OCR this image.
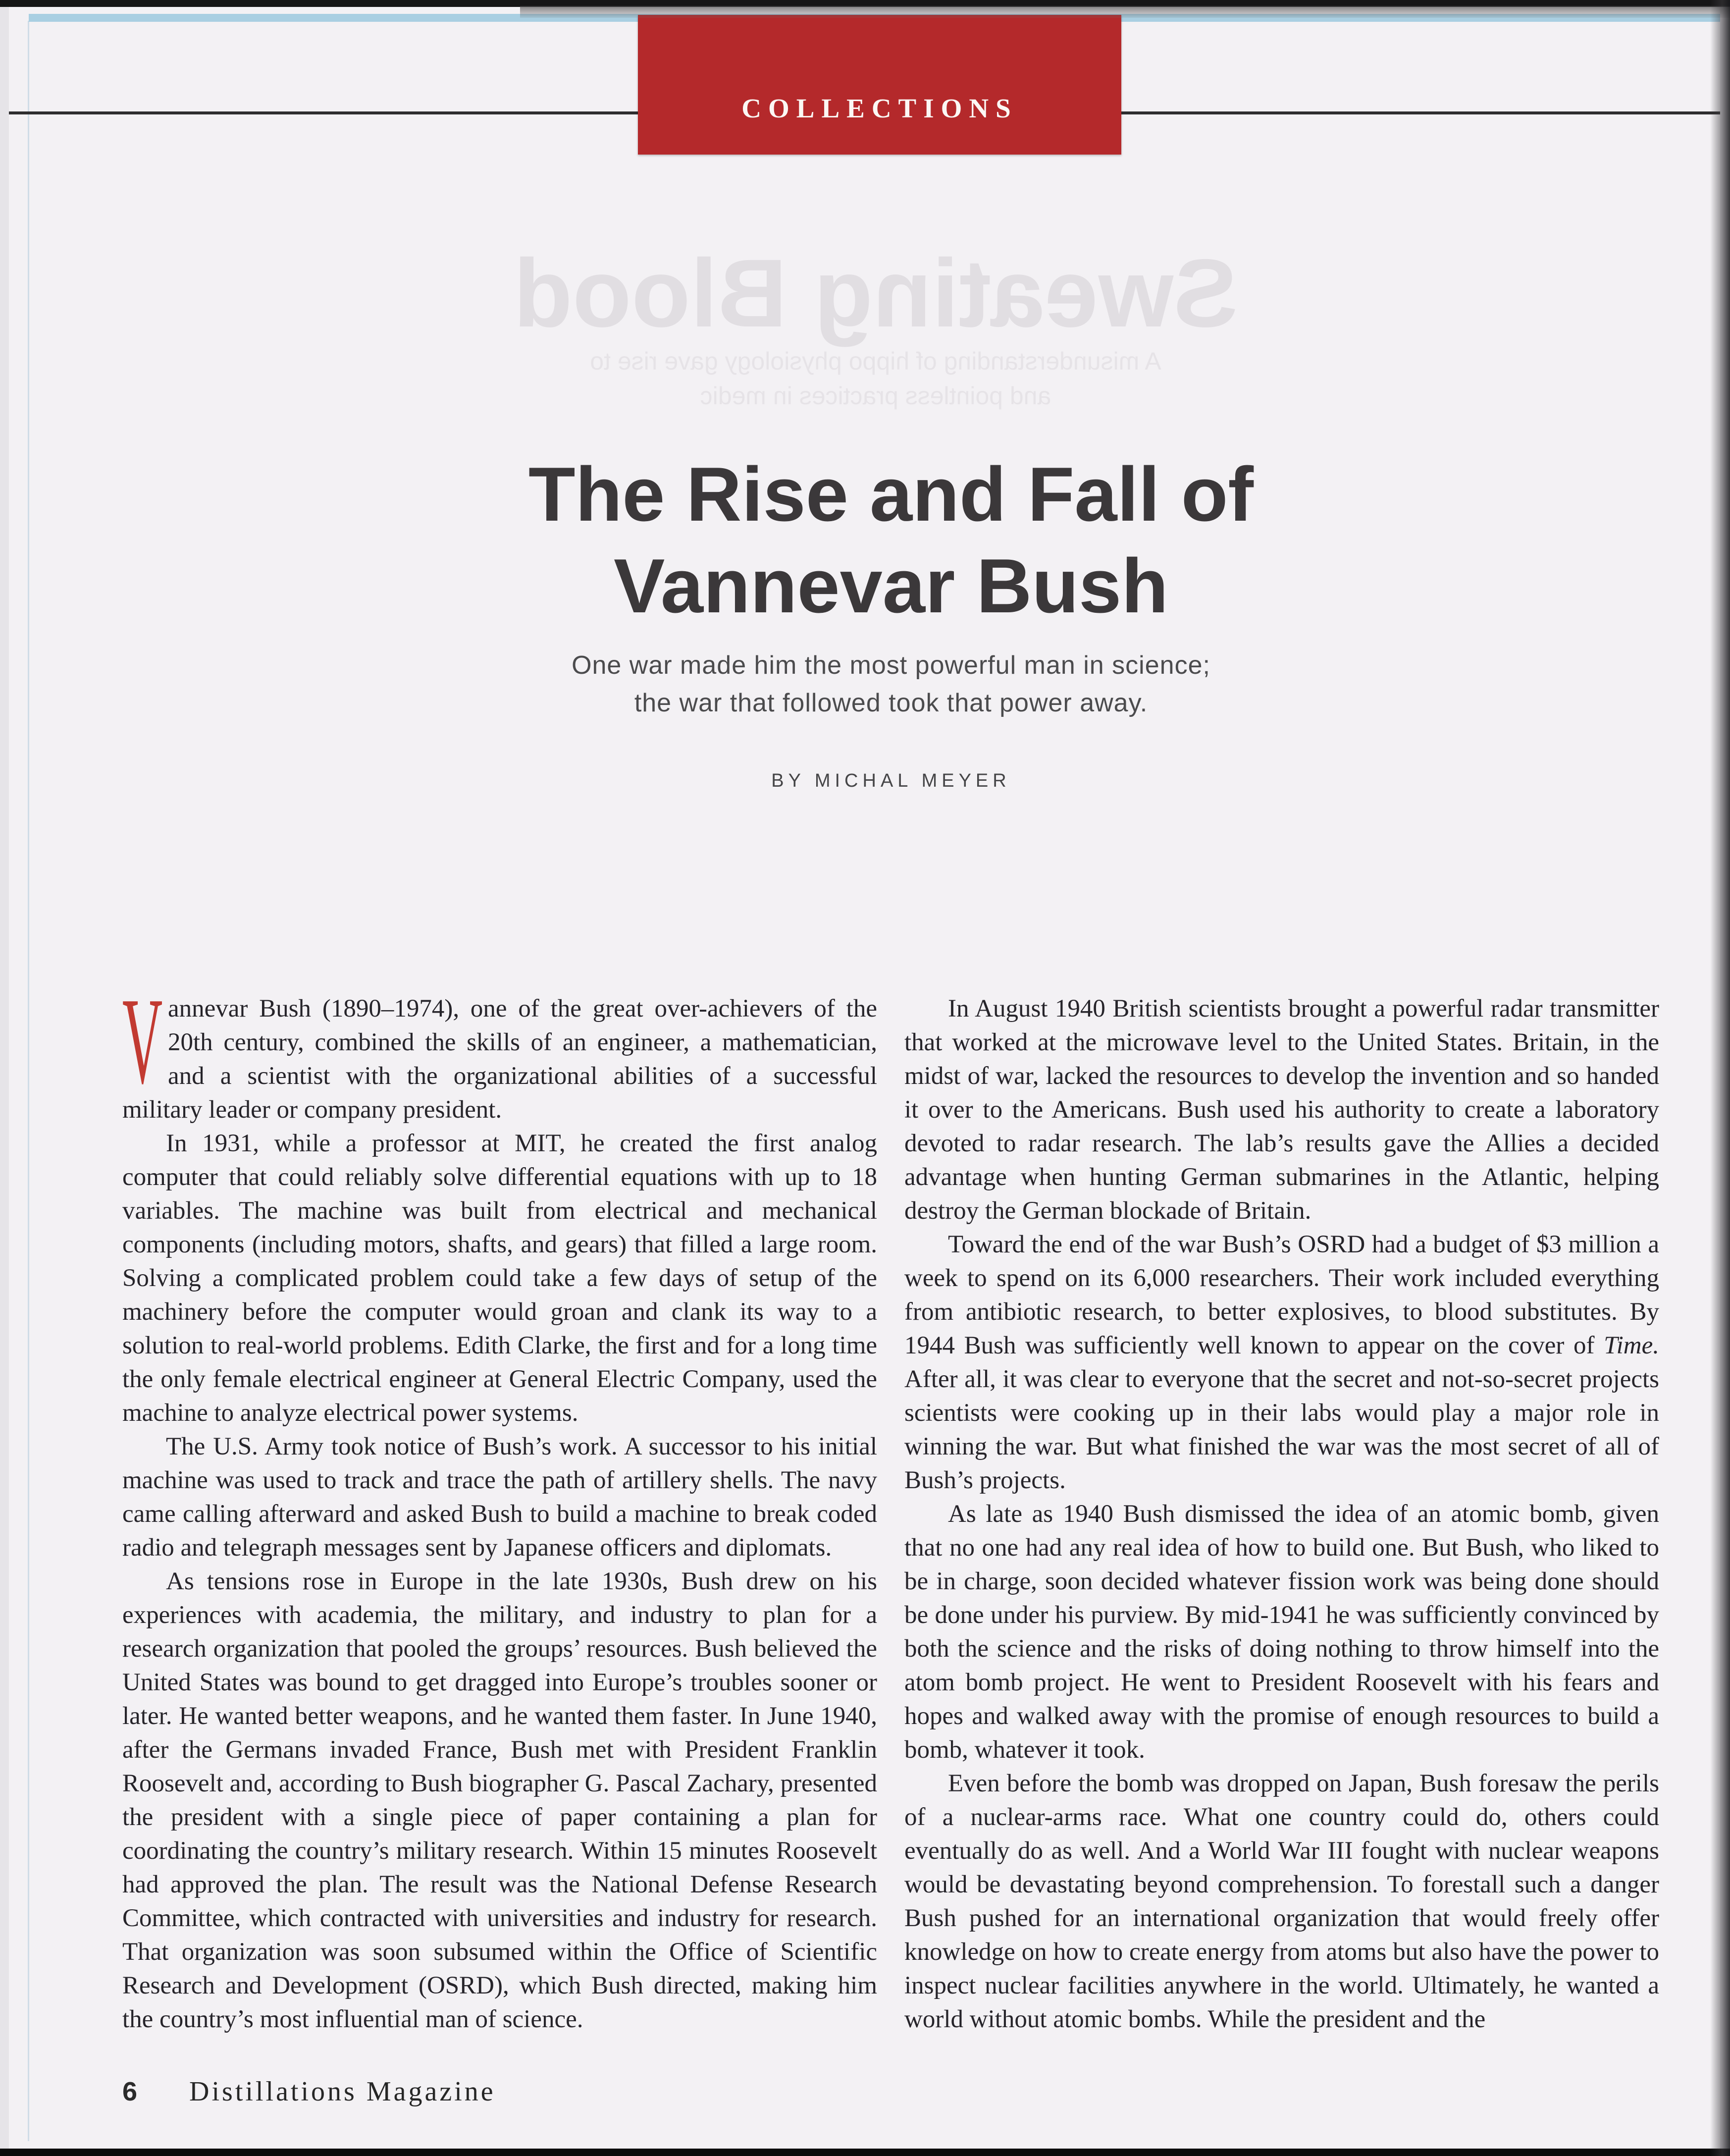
COLLECTIONS
Sweating Blood
A misunderstanding of hippo physiology gave rise to
and pointless practices in medic
The Rise and Fall of
Vannevar Bush
One war made him the most powerful man in science;
the war that followed took that power away.
BY MICHAL MEYER

Vannevar Bush (1890–1974), one of the great over-achievers of the 20th century, combined the skills of an engineer, a mathematician, and a scientist with the organizational abilities of a successful military leader or company president.

In 1931, while a professor at MIT, he created the first analog computer that could reliably solve differential equations with up to 18 variables. The machine was built from electrical and mechanical components (including motors, shafts, and gears) that filled a large room. Solving a complicated problem could take a few days of setup of the machinery before the computer would groan and clank its way to a solution to real-world problems. Edith Clarke, the first and for a long time the only female electrical engineer at General Electric Company, used the machine to analyze electrical power systems.

The U.S. Army took notice of Bush’s work. A successor to his initial machine was used to track and trace the path of artillery shells. The navy came calling afterward and asked Bush to build a machine to break coded radio and telegraph messages sent by Japanese officers and diplomats.

As tensions rose in Europe in the late 1930s, Bush drew on his experiences with academia, the military, and industry to plan for a research organization that pooled the groups’ resources. Bush believed the United States was bound to get dragged into Europe’s troubles sooner or later. He wanted better weapons, and he wanted them faster. In June 1940, after the Germans invaded France, Bush met with President Franklin Roosevelt and, according to Bush biographer G. Pascal Zachary, presented the president with a single piece of paper containing a plan for coordinating the country’s military research. Within 15 minutes Roosevelt had approved the plan. The result was the National Defense Research Committee, which contracted with universities and industry for research. That organization was soon subsumed within the Office of Scientific Research and Development (OSRD), which Bush directed, making him the country’s most influential man of science.

In August 1940 British scientists brought a powerful radar transmitter that worked at the microwave level to the United States. Britain, in the midst of war, lacked the resources to develop the invention and so handed it over to the Americans. Bush used his authority to create a laboratory devoted to radar research. The lab’s results gave the Allies a decided advantage when hunting German submarines in the Atlantic, helping destroy the German blockade of Britain.

Toward the end of the war Bush’s OSRD had a budget of $3 million a week to spend on its 6,000 researchers. Their work included everything from antibiotic research, to better explosives, to blood substitutes. By 1944 Bush was sufficiently well known to appear on the cover of Time. After all, it was clear to everyone that the secret and not-so-secret projects scientists were cooking up in their labs would play a major role in winning the war. But what finished the war was the most secret of all of Bush’s projects.

As late as 1940 Bush dismissed the idea of an atomic bomb, given that no one had any real idea of how to build one. But Bush, who liked to be in charge, soon decided whatever fission work was being done should be done under his purview. By mid-1941 he was sufficiently convinced by both the science and the risks of doing nothing to throw himself into the atom bomb project. He went to President Roosevelt with his fears and hopes and walked away with the promise of enough resources to build a bomb, whatever it took.

Even before the bomb was dropped on Japan, Bush foresaw the perils of a nuclear-arms race. What one country could do, others could eventually do as well. And a World War III fought with nuclear weapons would be devastating beyond comprehension. To forestall such a danger Bush pushed for an international organization that would freely offer knowledge on how to create energy from atoms but also have the power to inspect nuclear facilities anywhere in the world. Ultimately, he wanted a world without atomic bombs. While the president and the

6 Distillations Magazine
